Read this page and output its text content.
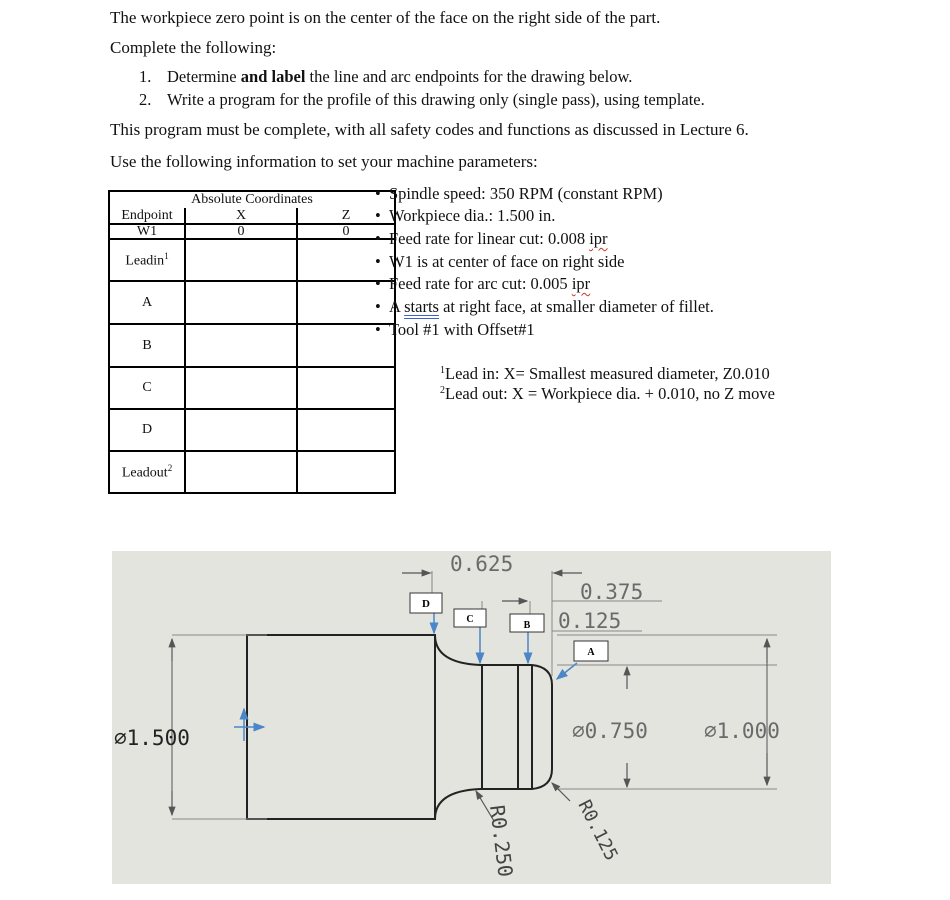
The workpiece zero point is on the center of the face on the right side of the part.
Complete the following:
1. Determine and label the line and arc endpoints for the drawing below.
2. Write a program for the profile of this drawing only (single pass), using template.
This program must be complete, with all safety codes and functions as discussed in Lecture 6.
Use the following information to set your machine parameters:
Absolute Coordinates		
Endpoint	X	Z
W1	0	0
Leadin$^1$		
A		
B		
C		
D		
Leadout$^2$		
• Spindle speed: 350 RPM (constant RPM)
• Workpiece dia.: 1.500 in.
• Feed rate for linear cut: 0.008 ipr
• W1 is at center of face on right side
• Feed rate for arc cut: 0.005 ipr
• A starts at right face, at smaller diameter of fillet.
• Tool #1 with Offset#1
$^1$Lead in: X= Smallest measured diameter, Z0.010
$^2$Lead out: X = Workpiece dia. + 0.010, no Z move
D
C
B
A
0.625
0.375
0.125
∅1.500	∅0.750	∅1.000
R0.250	R0.125
